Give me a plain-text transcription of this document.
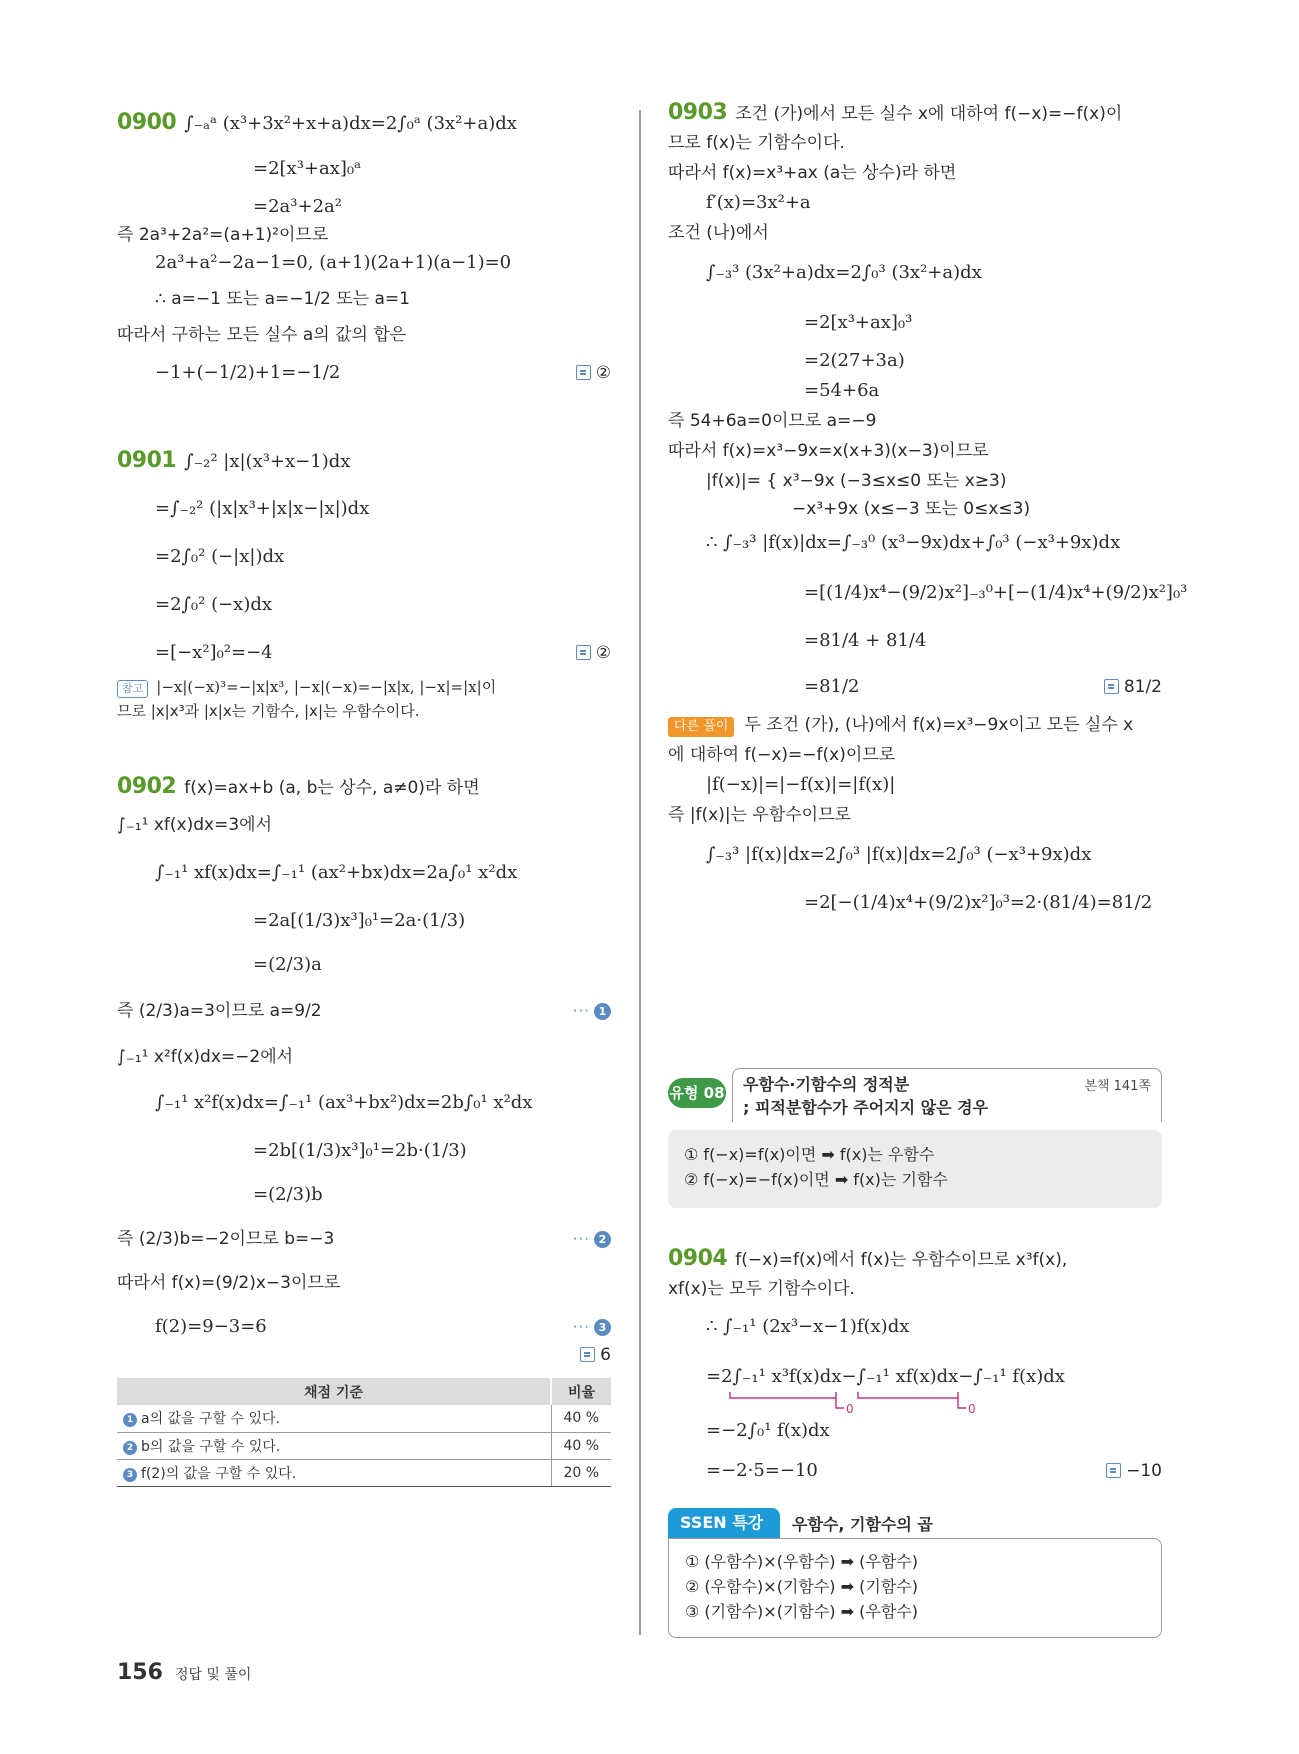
0900 ∫₋ₐᵃ (x³+3x²+x+a)dx=2∫₀ᵃ (3x²+a)dx
=2[x³+ax]₀ᵃ
=2a³+2a²
즉 2a³+2a²=(a+1)²이므로
2a³+a²−2a−1=0, (a+1)(2a+1)(a−1)=0
∴ a=−1 또는 a=−1/2 또는 a=1
따라서 구하는 모든 실수 a의 값의 합은
−1+(−1/2)+1=−1/2	②
0901 ∫₋₂² |x|(x³+x−1)dx
=∫₋₂² (|x|x³+|x|x−|x|)dx
=2∫₀² (−|x|)dx
=2∫₀² (−x)dx
=[−x²]₀²=−4	②
참고 |−x|(−x)³=−|x|x³, |−x|(−x)=−|x|x, |−x|=|x|이
므로 |x|x³과 |x|x는 기함수, |x|는 우함수이다.
0902 f(x)=ax+b (a, b는 상수, a≠0)라 하면
∫₋₁¹ xf(x)dx=3에서
∫₋₁¹ xf(x)dx=∫₋₁¹ (ax²+bx)dx=2a∫₀¹ x²dx
=2a[(1/3)x³]₀¹=2a·(1/3)
=(2/3)a
즉 (2/3)a=3이므로 a=9/2	··· 1
∫₋₁¹ x²f(x)dx=−2에서
∫₋₁¹ x²f(x)dx=∫₋₁¹ (ax³+bx²)dx=2b∫₀¹ x²dx
=2b[(1/3)x³]₀¹=2b·(1/3)
=(2/3)b
즉 (2/3)b=−2이므로 b=−3	··· 2
따라서 f(x)=(9/2)x−3이므로
f(2)=9−3=6	··· 3
6
채점 기준	비율
1 a의 값을 구할 수 있다.	40 %
2 b의 값을 구할 수 있다.	40 %
3 f(2)의 값을 구할 수 있다.	20 %
0903 조건 (가)에서 모든 실수 x에 대하여 f(−x)=−f(x)이
므로 f(x)는 기함수이다.
따라서 f(x)=x³+ax (a는 상수)라 하면
f′(x)=3x²+a
조건 (나)에서
∫₋₃³ (3x²+a)dx=2∫₀³ (3x²+a)dx
=2[x³+ax]₀³
=2(27+3a)
=54+6a
즉 54+6a=0이므로 a=−9
따라서 f(x)=x³−9x=x(x+3)(x−3)이므로
|f(x)|= { x³−9x (−3≤x≤0 또는 x≥3)
−x³+9x (x≤−3 또는 0≤x≤3)
∴ ∫₋₃³ |f(x)|dx=∫₋₃⁰ (x³−9x)dx+∫₀³ (−x³+9x)dx
=[(1/4)x⁴−(9/2)x²]₋₃⁰+[−(1/4)x⁴+(9/2)x²]₀³
=81/4 + 81/4
=81/2	81/2
다른 풀이 두 조건 (가), (나)에서 f(x)=x³−9x이고 모든 실수 x
에 대하여 f(−x)=−f(x)이므로
|f(−x)|=|−f(x)|=|f(x)|
즉 |f(x)|는 우함수이므로
∫₋₃³ |f(x)|dx=2∫₀³ |f(x)|dx=2∫₀³ (−x³+9x)dx
=2[−(1/4)x⁴+(9/2)x²]₀³=2·(81/4)=81/2
유형 08 우함수·기함수의 정적분
; 피적분함수가 주어지지 않은 경우
본책 141쪽
① f(−x)=f(x)이면 ➡ f(x)는 우함수
② f(−x)=−f(x)이면 ➡ f(x)는 기함수
0904 f(−x)=f(x)에서 f(x)는 우함수이므로 x³f(x),
xf(x)는 모두 기함수이다.
∴ ∫₋₁¹ (2x³−x−1)f(x)dx
=2∫₋₁¹ x³f(x)dx−∫₋₁¹ xf(x)dx−∫₋₁¹ f(x)dx
0	0
=−2∫₀¹ f(x)dx
=−2·5=−10	−10
SSEN 특강	우함수, 기함수의 곱
① (우함수)×(우함수) ➡ (우함수)
② (우함수)×(기함수) ➡ (기함수)
③ (기함수)×(기함수) ➡ (우함수)
156 정답 및 풀이
